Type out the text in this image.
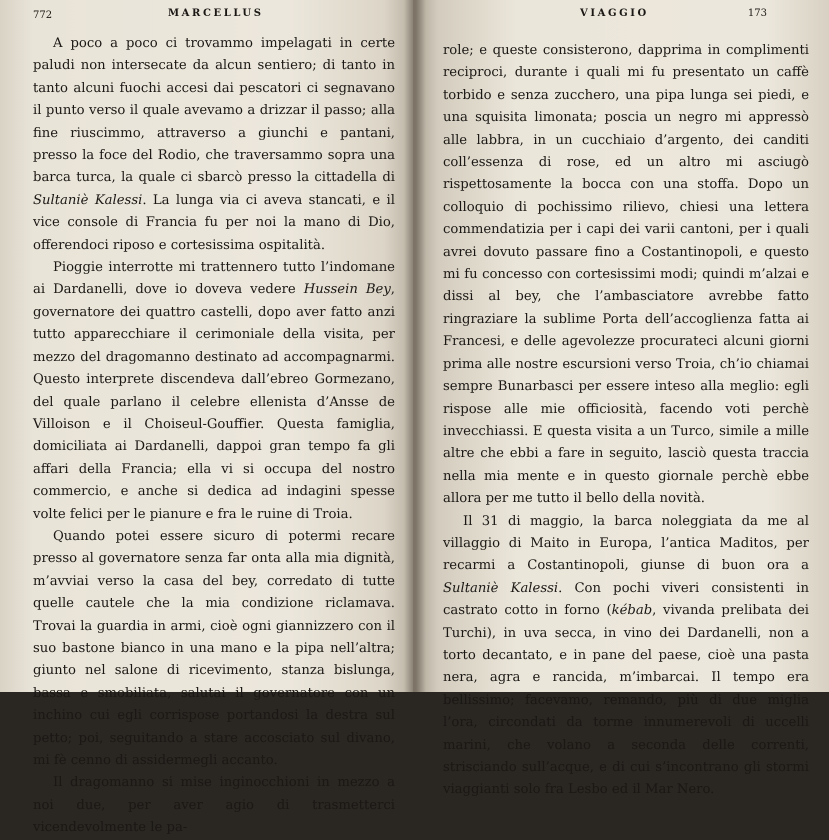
772	MARCELLUS

A poco a poco ci trovammo impelagati in certe paludi non intersecate da alcun sentiero; di tanto in tanto alcuni fuochi accesi dai pescatori ci segnavano il punto verso il quale avevamo a drizzar il passo; alla fine riuscimmo, attraverso a giunchi e pantani, presso la foce del Rodio, che traversammo sopra una barca turca, la quale ci sbarcò presso la cittadella di Sultaniè Kalessi. La lunga via ci aveva stancati, e il vice console di Francia fu per noi la mano di Dio, offerendoci riposo e cortesissima ospitalità.

Pioggie interrotte mi trattennero tutto l’indomane ai Dardanelli, dove io doveva vedere Hussein Bey, governatore dei quattro castelli, dopo aver fatto anzi tutto apparecchiare il cerimoniale della visita, per mezzo del dragomanno destinato ad accompagnarmi. Questo interprete discendeva dall’ebreo Gormezano, del quale parlano il celebre ellenista d’Ansse de Villoison e il Choiseul-Gouffier. Questa famiglia, domiciliata ai Dardanelli, dappoi gran tempo fa gli affari della Francia; ella vi si occupa del nostro commercio, e anche si dedica ad indagini spesse volte felici per le pianure e fra le ruine di Troia.

Quando potei essere sicuro di potermi recare presso al governatore senza far onta alla mia dignità, m’avviai verso la casa del bey, corredato di tutte quelle cautele che la mia condizione riclamava. Trovai la guardia in armi, cioè ogni giannizzero con il suo bastone bianco in una mano e la pipa nell’altra; giunto nel salone di ricevimento, stanza bislunga, bassa e smobiliata, salutai il governatore con un inchino cui egli corrispose portandosi la destra sul petto; poi, seguitando a stare accosciato sul divano, mi fè cenno di assidermegli accanto.

Il dragomanno si mise inginocchioni in mezzo a noi due, per aver agio di trasmetterci vicendevolmente le pa-

VIAGGIO	173

role; e queste consisterono, dapprima in complimenti reciproci, durante i quali mi fu presentato un caffè torbido e senza zucchero, una pipa lunga sei piedi, e una squisita limonata; poscia un negro mi appressò alle labbra, in un cucchiaio d’argento, dei canditi coll’essenza di rose, ed un altro mi asciugò rispettosamente la bocca con una stoffa. Dopo un colloquio di pochissimo rilievo, chiesi una lettera commendatizia per i capi dei varii cantoni, per i quali avrei dovuto passare fino a Costantinopoli, e questo mi fu concesso con cortesissimi modi; quindi m’alzai e dissi al bey, che l’ambasciatore avrebbe fatto ringraziare la sublime Porta dell’accoglienza fatta ai Francesi, e delle agevolezze procurateci alcuni giorni prima alle nostre escursioni verso Troia, ch’io chiamai sempre Bunarbasci per essere inteso alla meglio: egli rispose alle mie officiosità, facendo voti perchè invecchiassi. E questa visita a un Turco, simile a mille altre che ebbi a fare in seguito, lasciò questa traccia nella mia mente e in questo giornale perchè ebbe allora per me tutto il bello della novità.

Il 31 di maggio, la barca noleggiata da me al villaggio di Maito in Europa, l’antica Maditos, per recarmi a Costantinopoli, giunse di buon ora a Sultaniè Kalessi. Con pochi viveri consistenti in castrato cotto in forno (kébab, vivanda prelibata dei Turchi), in uva secca, in vino dei Dardanelli, non a torto decantato, e in pane del paese, cioè una pasta nera, agra e rancida, m’imbarcai. Il tempo era bellissimo; facevamo, remando, più di due miglia l’ora, circondati da torme innumerevoli di uccelli marini, che volano a seconda delle correnti, strisciando sull’acque, e di cui s’incontrano gli stormi viaggianti solo fra Lesbo ed il Mar Nero.
